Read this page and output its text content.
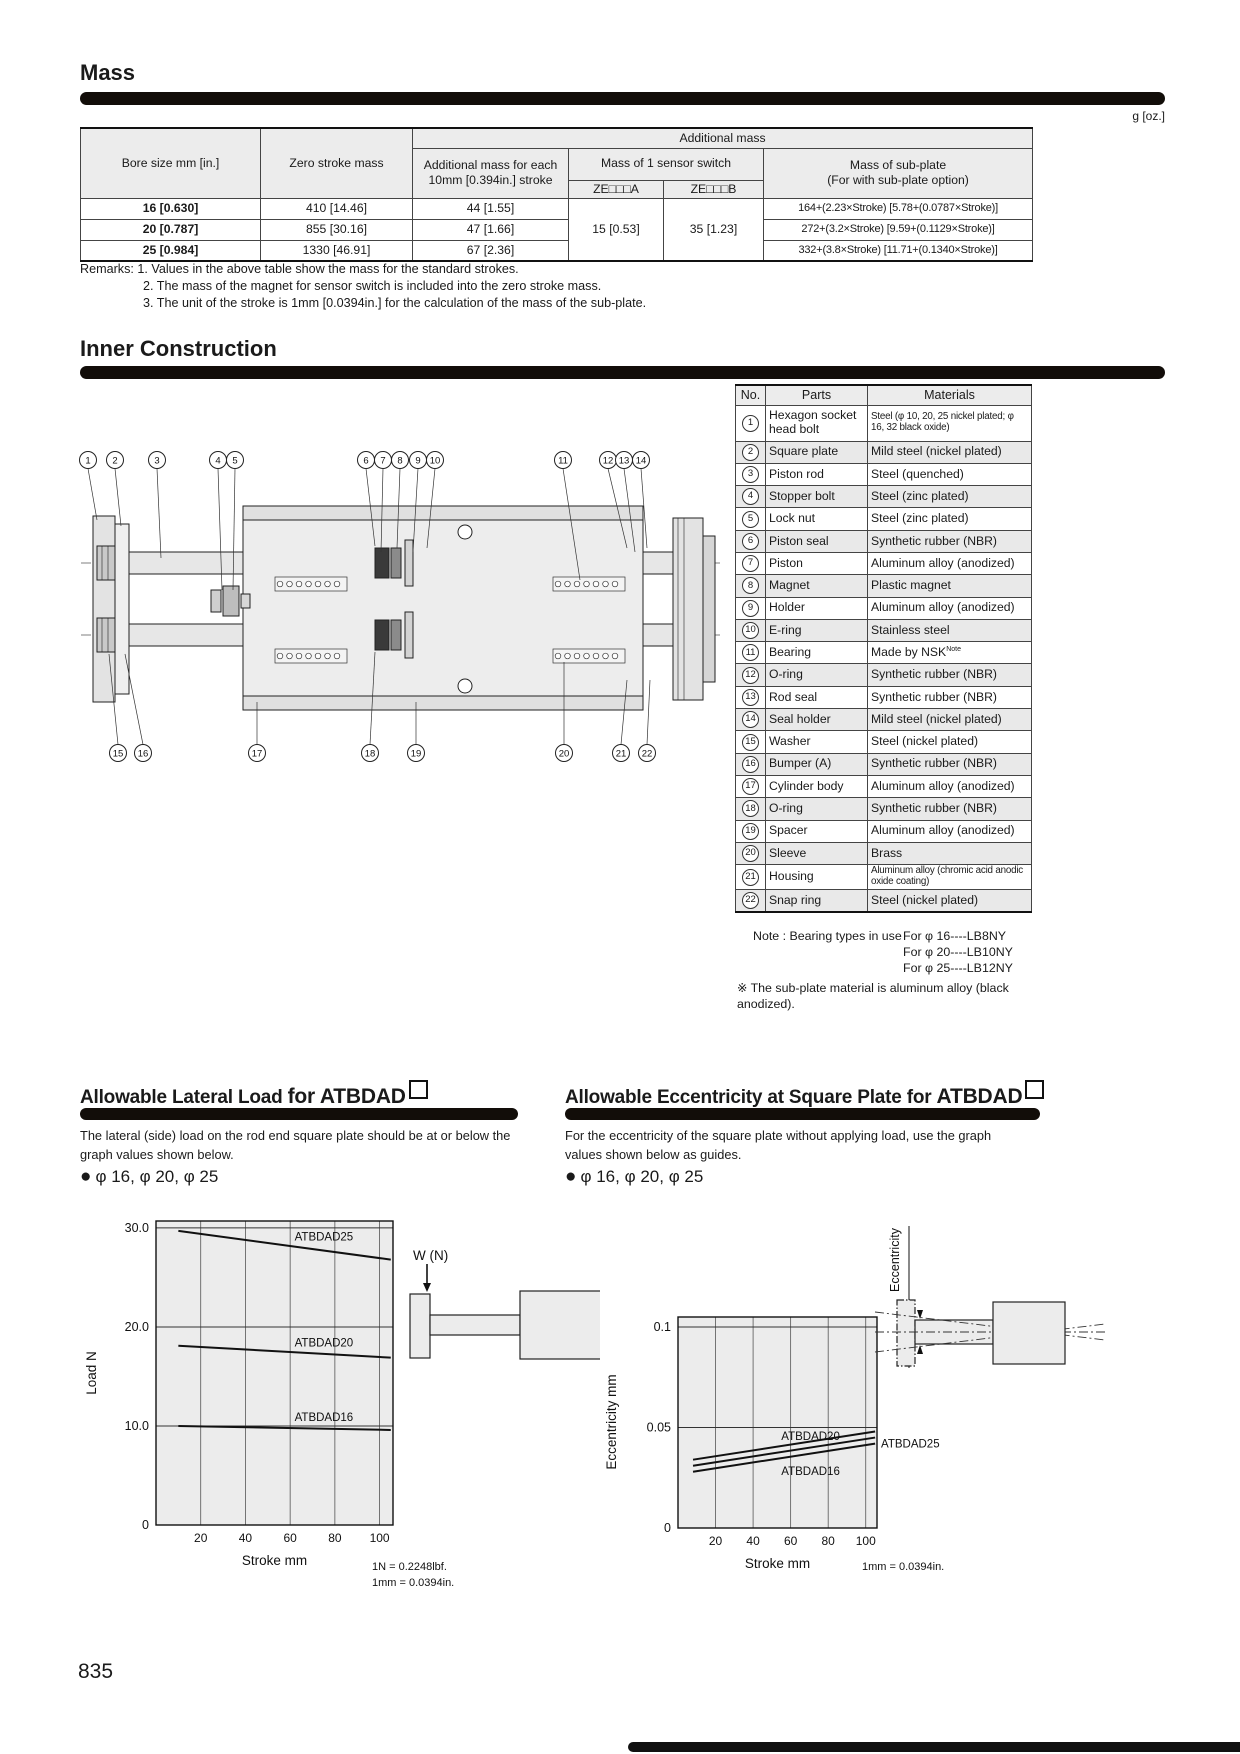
Mass
g [oz.]
Bore size mm [in.]	Zero stroke mass	Additional mass			
		Additional mass for each 10mm [0.394in.] stroke	Mass of 1 sensor switch		Mass of sub-plate
(For with sub-plate option)

			ZE□□□A	ZE□□□B	
16 [0.630]	410 [14.46]	44 [1.55]	15 [0.53]	35 [1.23]	164+(2.23×Stroke) [5.78+(0.0787×Stroke)]
20 [0.787]	855 [30.16]	47 [1.66]			272+(3.2×Stroke) [9.59+(0.1129×Stroke)]
25 [0.984]	1330 [46.91]	67 [2.36]			332+(3.8×Stroke) [11.71+(0.1340×Stroke)]
Remarks: 1. Values in the above table show the mass for the standard strokes.
2. The mass of the magnet for sensor switch is included into the zero stroke mass.
3. The unit of the stroke is 1mm [0.0394in.] for the calculation of the mass of the sub-plate.
Inner Construction
1 2	3	4 5	6 7 8 9 10	11	12 13 14
15 16	17	18	19	20	21 22
No.	Parts	Materials
1	Hexagon socket head bolt	Steel (φ 10, 20, 25 nickel plated; φ 16, 32 black oxide)
2	Square plate	Mild steel (nickel plated)
3	Piston rod	Steel (quenched)
4	Stopper bolt	Steel (zinc plated)
5	Lock nut	Steel (zinc plated)
6	Piston seal	Synthetic rubber (NBR)
7	Piston	Aluminum alloy (anodized)
8	Magnet	Plastic magnet
9	Holder	Aluminum alloy (anodized)
10	E-ring	Stainless steel
11	Bearing	Made by $NSK^{Note}$
12	O-ring	Synthetic rubber (NBR)
13	Rod seal	Synthetic rubber (NBR)
14	Seal holder	Mild steel (nickel plated)
15	Washer	Steel (nickel plated)
16	Bumper (A)	Synthetic rubber (NBR)
17	Cylinder body	Aluminum alloy (anodized)
18	O-ring	Synthetic rubber (NBR)
19	Spacer	Aluminum alloy (anodized)
20	Sleeve	Brass
21	Housing	Aluminum alloy (chromic acid anodic oxide coating)
22	Snap ring	Steel (nickel plated)
Note : Bearing types in use For φ 16----LB8NY
For φ 20----LB10NY
For φ 25----LB12NY
※ The sub-plate material is aluminum alloy (black anodized).
Allowable Lateral Load for ATBDAD
The lateral (side) load on the rod end square plate should be at or below the graph values shown below.
● φ 16, φ 20, φ 25
20	40	60	80 100
0
10.0
20.0
30.0
ATBDAD25
ATBDAD20
ATBDAD16
Stroke mm
Load N
1N = 0.2248lbf.
1mm = 0.0394in.
W (N)
Allowable Eccentricity at Square Plate for ATBDAD
For the eccentricity of the square plate without applying load, use the graph values shown below as guides.
● φ 16, φ 20, φ 25
20 40 60 80 100
0
0.05
0.1
ATBDAD20
ATBDAD25
ATBDAD16
Stroke mm
Eccentricity mm
1mm = 0.0394in.
Eccentricity
835
